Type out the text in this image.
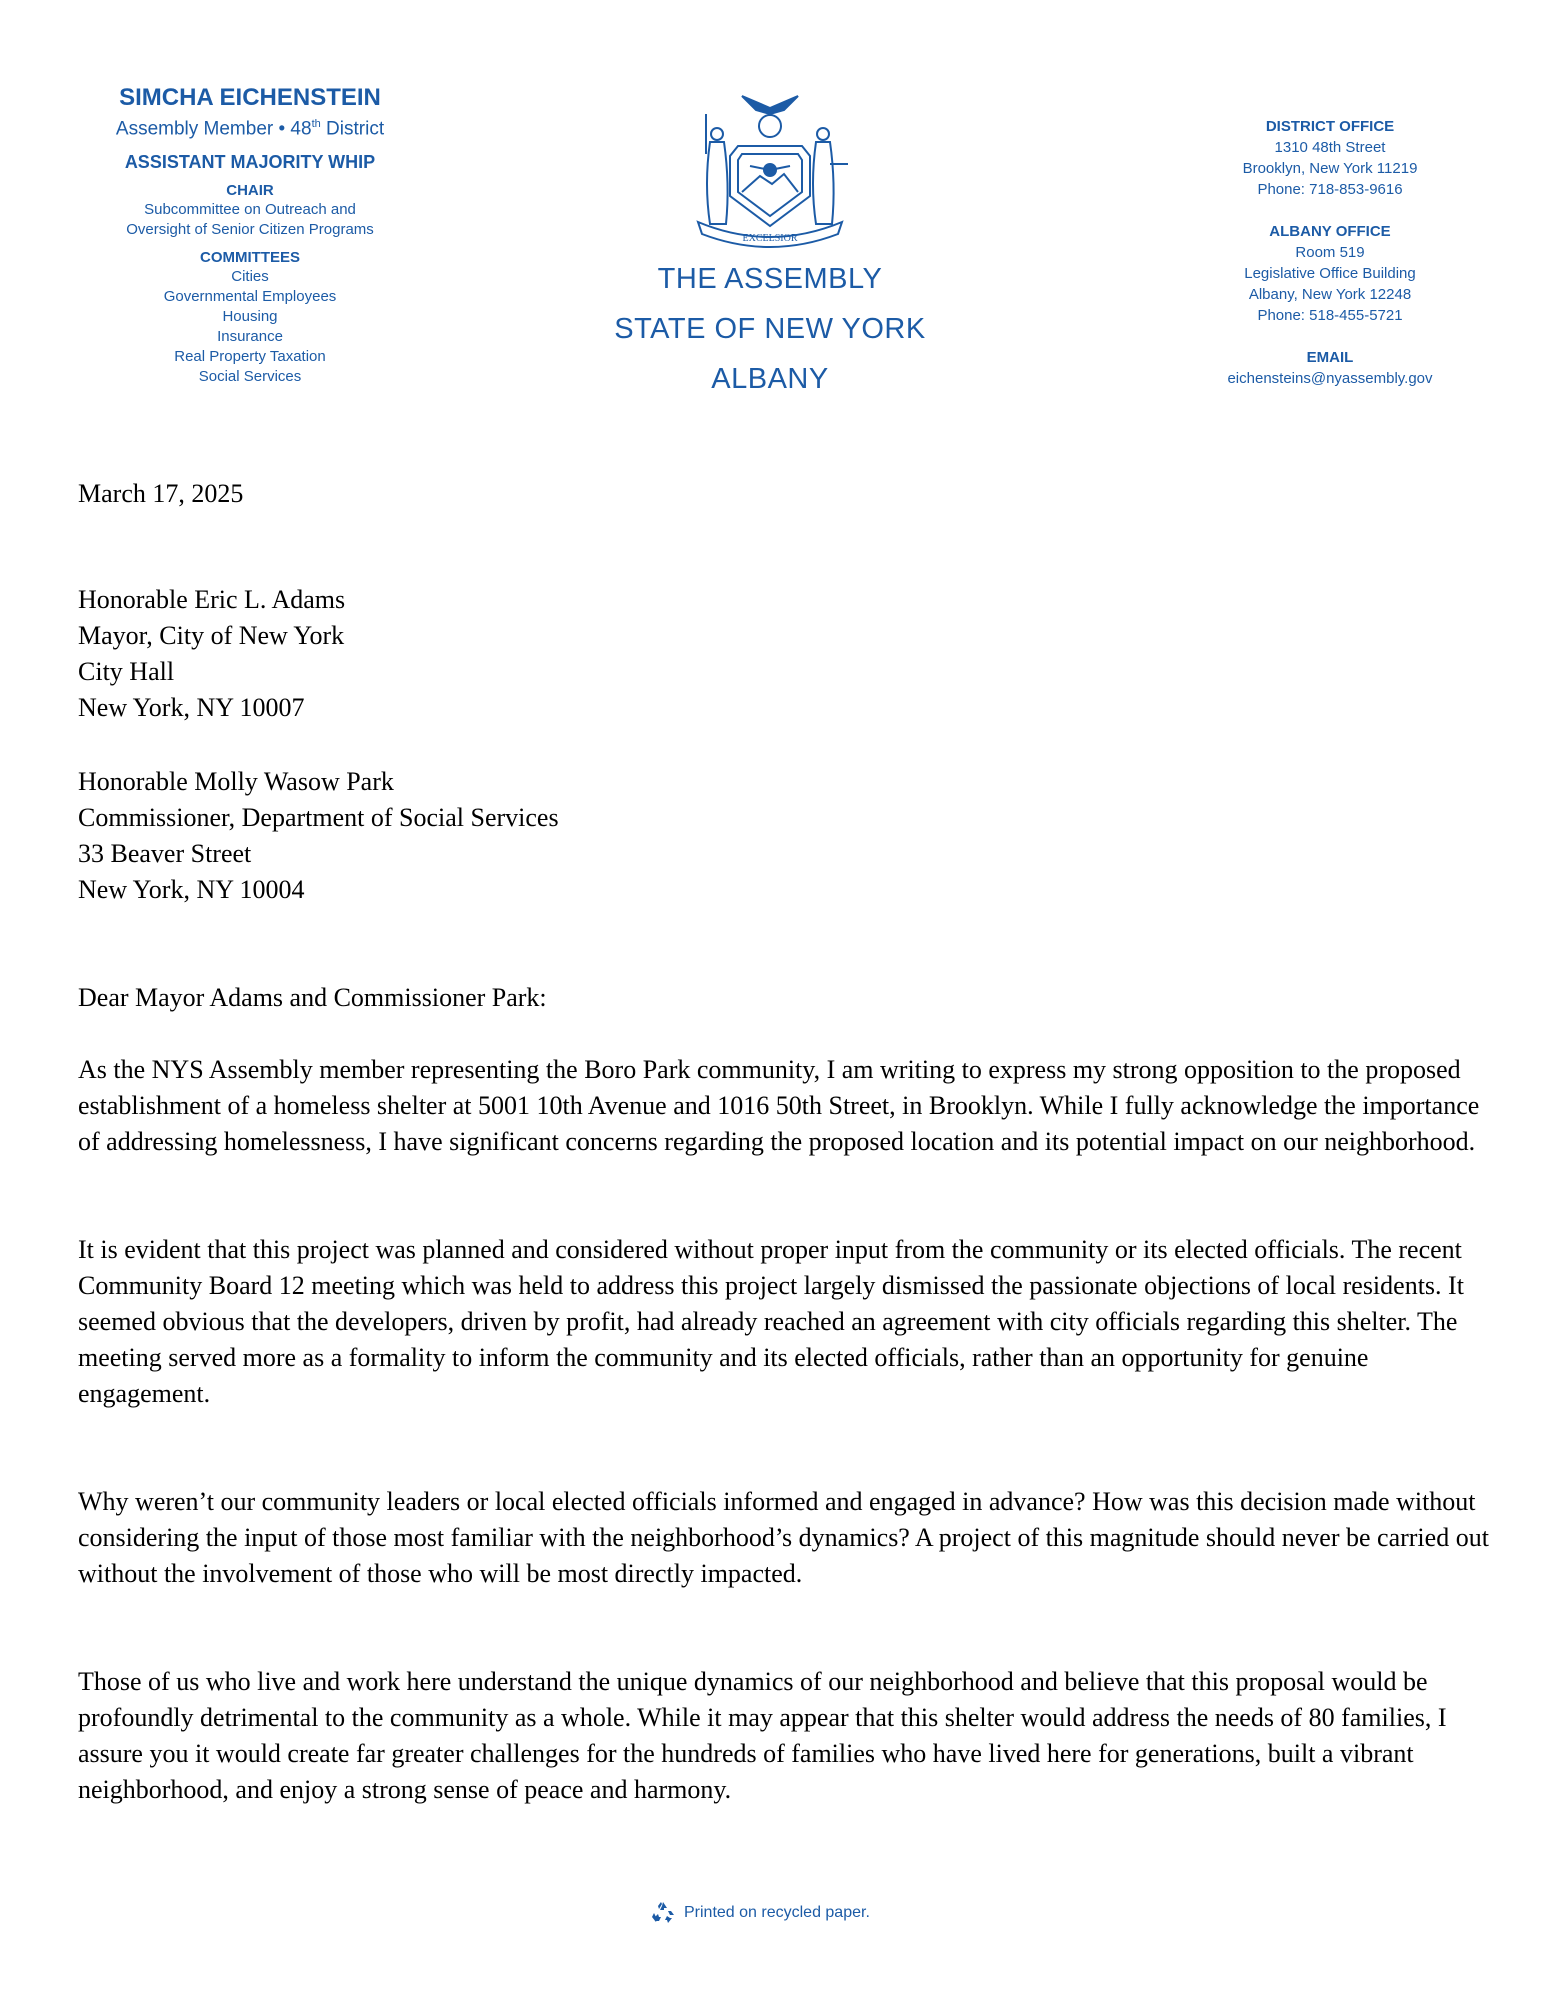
SIMCHA EICHENSTEIN
Assembly Member • 48th District
ASSISTANT MAJORITY WHIP
CHAIR
Subcommittee on Outreach and
Oversight of Senior Citizen Programs
COMMITTEES
Cities
Governmental Employees
Housing
Insurance
Real Property Taxation
Social Services
EXCELSIOR
THE ASSEMBLY
STATE OF NEW YORK
ALBANY
DISTRICT OFFICE
1310 48th Street
Brooklyn, New York 11219
Phone: 718-853-9616
ALBANY OFFICE
Room 519
Legislative Office Building
Albany, New York 12248
Phone: 518-455-5721
EMAIL
eichensteins@nyassembly.gov
March 17, 2025
Honorable Eric L. Adams
Mayor, City of New York
City Hall
New York, NY 10007
Honorable Molly Wasow Park
Commissioner, Department of Social Services
33 Beaver Street
New York, NY 10004
Dear Mayor Adams and Commissioner Park:

As the NYS Assembly member representing the Boro Park community, I am writing to express my strong opposition to the proposed establishment of a homeless shelter at 5001 10th Avenue and 1016 50th Street, in Brooklyn. While I fully acknowledge the importance of addressing homelessness, I have significant concerns regarding the proposed location and its potential impact on our neighborhood.

It is evident that this project was planned and considered without proper input from the community or its elected officials. The recent Community Board 12 meeting which was held to address this project largely dismissed the passionate objections of local residents. It seemed obvious that the developers, driven by profit, had already reached an agreement with city officials regarding this shelter. The meeting served more as a formality to inform the community and its elected officials, rather than an opportunity for genuine engagement.

Why weren’t our community leaders or local elected officials informed and engaged in advance? How was this decision made without considering the input of those most familiar with the neighborhood’s dynamics? A project of this magnitude should never be carried out without the involvement of those who will be most directly impacted.

Those of us who live and work here understand the unique dynamics of our neighborhood and believe that this proposal would be profoundly detrimental to the community as a whole. While it may appear that this shelter would address the needs of 80 families, I assure you it would create far greater challenges for the hundreds of families who have lived here for generations, built a vibrant neighborhood, and enjoy a strong sense of peace and harmony.

Printed on recycled paper.
